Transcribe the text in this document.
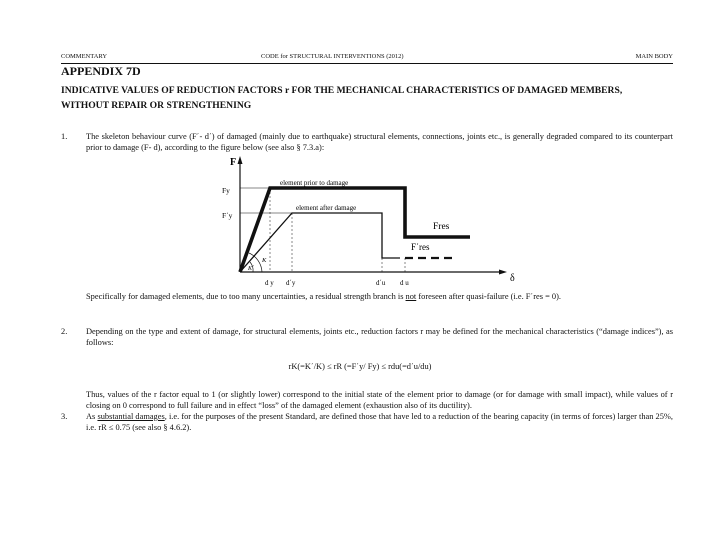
COMMENTARY	CODE for STRUCTURAL INTERVENTIONS (2012)	MAIN BODY
APPENDIX 7D
INDICATIVE VALUES OF REDUCTION FACTORS r FOR THE MECHANICAL CHARACTERISTICS OF DAMAGED MEMBERS,
WITHOUT REPAIR OR STRENGTHENING
1. The skeleton behaviour curve (F΄- d΄) of damaged (mainly due to earthquake) structural elements, connections, joints etc., is generally degraded compared to its counterpart prior to damage (F- d), according to the figure below (see also § 7.3.a):
F
δ
Fy
F΄y
element prior to damage
element after damage
Fres
F΄res
K
K΄
d y d΄y	d΄u d u
Specifically for damaged elements, due to too many uncertainties, a residual strength branch is not foreseen after quasi-failure (i.e. F΄res = 0).
2. Depending on the type and extent of damage, for structural elements, joints etc., reduction factors r may be defined for the mechanical characteristics (“damage indices”), as follows:
rK(=K΄/K) ≤ rR (=F΄y/ Fy) ≤ rdu(=d΄u/du)
Thus, values of the r factor equal to 1 (or slightly lower) correspond to the initial state of the element prior to damage (or for damage with small impact), while values of r closing on 0 correspond to full failure and in effect “loss” of the damaged element (exhaustion also of its ductility).
3. As substantial damages, i.e. for the purposes of the present Standard, are defined those that have led to a reduction of the bearing capacity (in terms of forces) larger than 25%, i.e. rR ≤ 0.75 (see also § 4.6.2).
